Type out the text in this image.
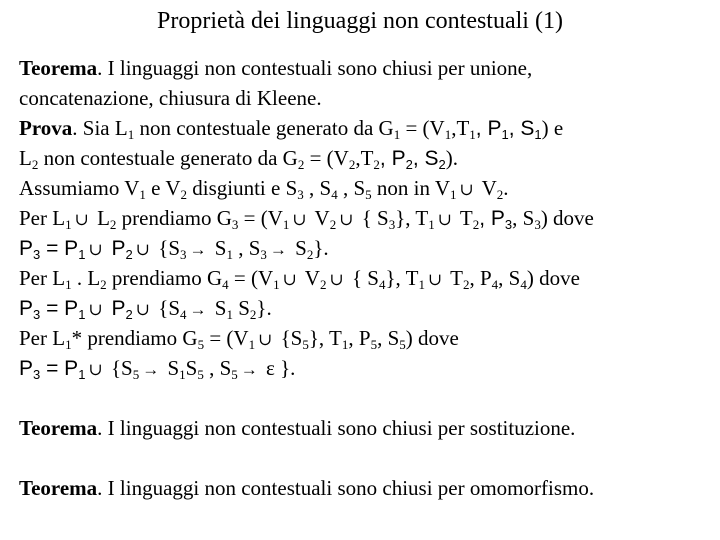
Proprietà dei linguaggi non contestuali (1)
Teorema. I linguaggi non contestuali sono chiusi per unione,
concatenazione, chiusura di Kleene.
Prova. Sia $L_1$ non contestuale generato da $G_1 = (V_1,T_1$, $P_1$, $S_1$) e
$L_2$ non contestuale generato da $G_2 = (V_2,T_2$, $P_2$, $S_2$).
Assumiamo $V_1$ e $V_2$ disgiunti e $S_3$ , $S_4$ , $S_5$ non in $V_1$ ∪ $V_2$.
Per $L_1$ ∪ $L_2$ prendiamo $G_3 = (V_1$ ∪ $V_2$ ∪ { $S_3$}, $T_1$ ∪ $T_2$, $P_3$, $S_3$) dove
$P_3 = P_1$ ∪ $P_2$ ∪ {$S_3 \to S_1$ , $S_3 \to S_2$}.
Per $L_1$ . $L_2$ prendiamo $G_4 = (V_1$ ∪ $V_2$ ∪ { $S_4$}, $T_1$ ∪ $T_2$, $P_4$, $S_4$) dove
$P_3 = P_1$ ∪ $P_2$ ∪ {$S_4 \to S_1$ $S_2$}.
Per $L_1*$ prendiamo $G_5 = (V_1$ ∪ $\{S_5\}$, $T_1$, $P_5$, $S_5$) dove
$P_3 = P_1$ ∪ {$S_5 \to S_1S_5$ , $S_5 \to \varepsilon$ }.
Teorema. I linguaggi non contestuali sono chiusi per sostituzione.
Teorema. I linguaggi non contestuali sono chiusi per omomorfismo.
